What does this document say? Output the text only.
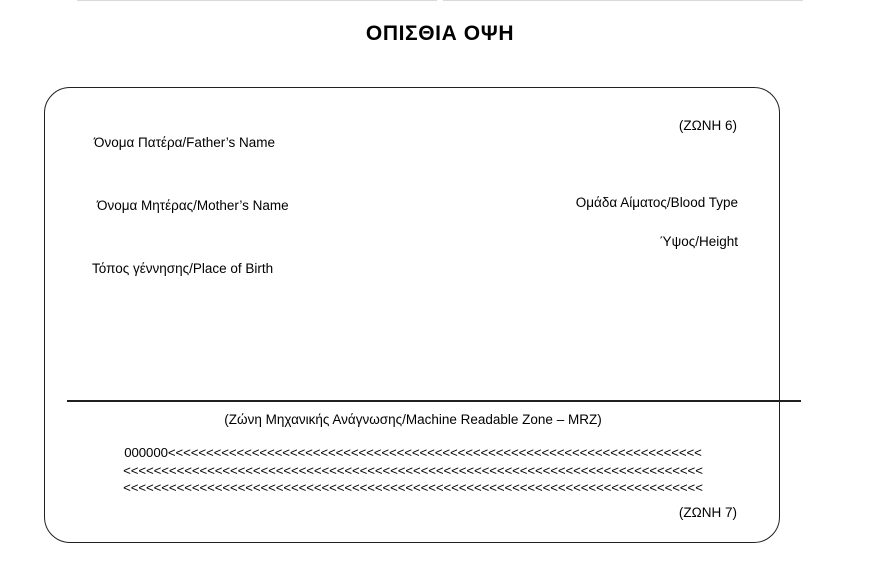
ΟΠΙΣΘΙΑ ΟΨΗ
(ΖΩΝΗ 6)
Όνομα Πατέρα/Father’s Name
Όνομα Μητέρας/Mother’s Name
Τόπος γέννησης/Place of Birth
Ομάδα Αίματος/Blood Type
Ύψος/Height
(Ζώνη Μηχανικής Ανάγνωσης/Machine Readable Zone – MRZ)
000000<<<<<<<<<<<<<<<<<<<<<<<<<<<<<<<<<<<<<<<<<<<<<<<<<<<<<<<<<<<<<<<<<<<<<<
<<<<<<<<<<<<<<<<<<<<<<<<<<<<<<<<<<<<<<<<<<<<<<<<<<<<<<<<<<<<<<<<<<<<<<<<<<<<
<<<<<<<<<<<<<<<<<<<<<<<<<<<<<<<<<<<<<<<<<<<<<<<<<<<<<<<<<<<<<<<<<<<<<<<<<<<<
(ΖΩΝΗ 7)
